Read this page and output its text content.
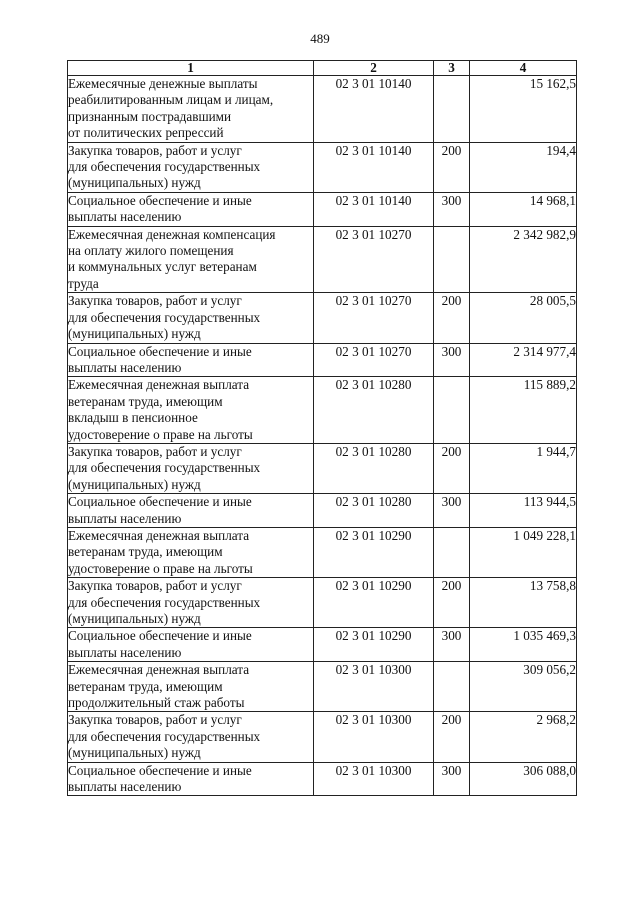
489
1	2	3	4

Ежемесячные денежные выплаты
реабилитированным лицам и лицам,
признанным пострадавшими
от политических репрессий	02 3 01 10140		15 162,5

Закупка товаров, работ и услуг
для обеспечения государственных
(муниципальных) нужд	02 3 01 10140	200	194,4

Социальное обеспечение и иные
выплаты населению	02 3 01 10140	300	14 968,1

Ежемесячная денежная компенсация
на оплату жилого помещения
и коммунальных услуг ветеранам
труда	02 3 01 10270		2 342 982,9

Закупка товаров, работ и услуг
для обеспечения государственных
(муниципальных) нужд	02 3 01 10270	200	28 005,5

Социальное обеспечение и иные
выплаты населению	02 3 01 10270	300	2 314 977,4

Ежемесячная денежная выплата
ветеранам труда, имеющим
вкладыш в пенсионное
удостоверение о праве на льготы	02 3 01 10280		115 889,2

Закупка товаров, работ и услуг
для обеспечения государственных
(муниципальных) нужд	02 3 01 10280	200	1 944,7

Социальное обеспечение и иные
выплаты населению	02 3 01 10280	300	113 944,5

Ежемесячная денежная выплата
ветеранам труда, имеющим
удостоверение о праве на льготы	02 3 01 10290		1 049 228,1

Закупка товаров, работ и услуг
для обеспечения государственных
(муниципальных) нужд	02 3 01 10290	200	13 758,8

Социальное обеспечение и иные
выплаты населению	02 3 01 10290	300	1 035 469,3

Ежемесячная денежная выплата
ветеранам труда, имеющим
продолжительный стаж работы	02 3 01 10300		309 056,2

Закупка товаров, работ и услуг
для обеспечения государственных
(муниципальных) нужд	02 3 01 10300	200	2 968,2

Социальное обеспечение и иные
выплаты населению	02 3 01 10300	300	306 088,0
